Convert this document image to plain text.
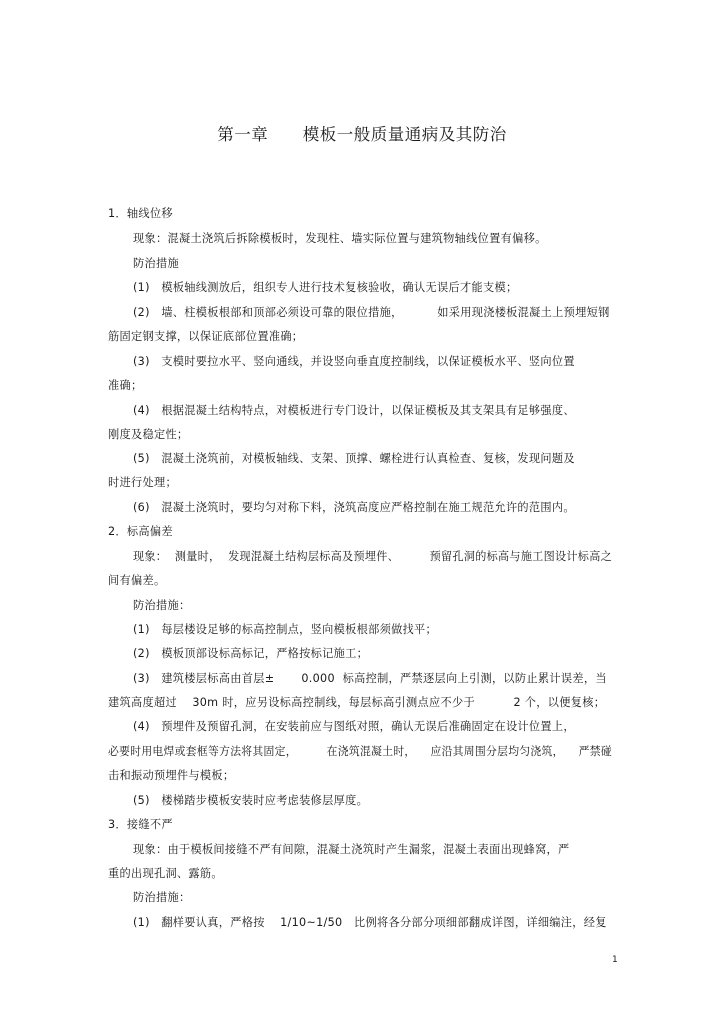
第一章      模板一般质量通病及其防治

1．轴线位移

现象：混凝土浇筑后拆除模板时，发现柱、墙实际位置与建筑物轴线位置有偏移。

防治措施

(1)   模板轴线测放后，组织专人进行技术复核验收，确认无误后才能支模；

(2)   墙、柱模板根部和顶部必须设可靠的限位措施，         如采用现浇楼板混凝土上预埋短钢

筋固定钢支撑，以保证底部位置准确；

(3)   支模时要拉水平、竖向通线，并设竖向垂直度控制线，以保证模板水平、竖向位置

准确；

(4)   根据混凝土结构特点，对模板进行专门设计，以保证模板及其支架具有足够强度、

刚度及稳定性；

(5)   混凝土浇筑前，对模板轴线、支架、顶撑、螺栓进行认真检查、复核，发现问题及

时进行处理；

(6)   混凝土浇筑时，要均匀对称下料，浇筑高度应严格控制在施工规范允许的范围内。

2．标高偏差

现象：  测量时，  发现混凝土结构层标高及预埋件、        预留孔洞的标高与施工图设计标高之

间有偏差。

防治措施：

(1)   每层楼设足够的标高控制点，竖向模板根部须做找平；

(2)   模板顶部设标高标记，严格按标记施工；

(3)   建筑楼层标高由首层±       0.000  标高控制，严禁逐层向上引测，以防止累计误差，当

建筑高度超过    30m 时，应另设标高控制线，每层标高引测点应不少于          2 个，以便复核；

(4)   预埋件及预留孔洞，在安装前应与图纸对照，确认无误后准确固定在设计位置上，

必要时用电焊或套框等方法将其固定，        在浇筑混凝土时，    应沿其周围分层均匀浇筑，    严禁碰

击和振动预埋件与模板；

(5)   楼梯踏步模板安装时应考虑装修层厚度。

3．接缝不严

现象：由于模板间接缝不严有间隙，混凝土浇筑时产生漏浆，混凝土表面出现蜂窝，严

重的出现孔洞、露筋。

防治措施：

(1)   翻样要认真，严格按    1/10~1/50   比例将各分部分项细部翻成详图，详细编注，经复

1
